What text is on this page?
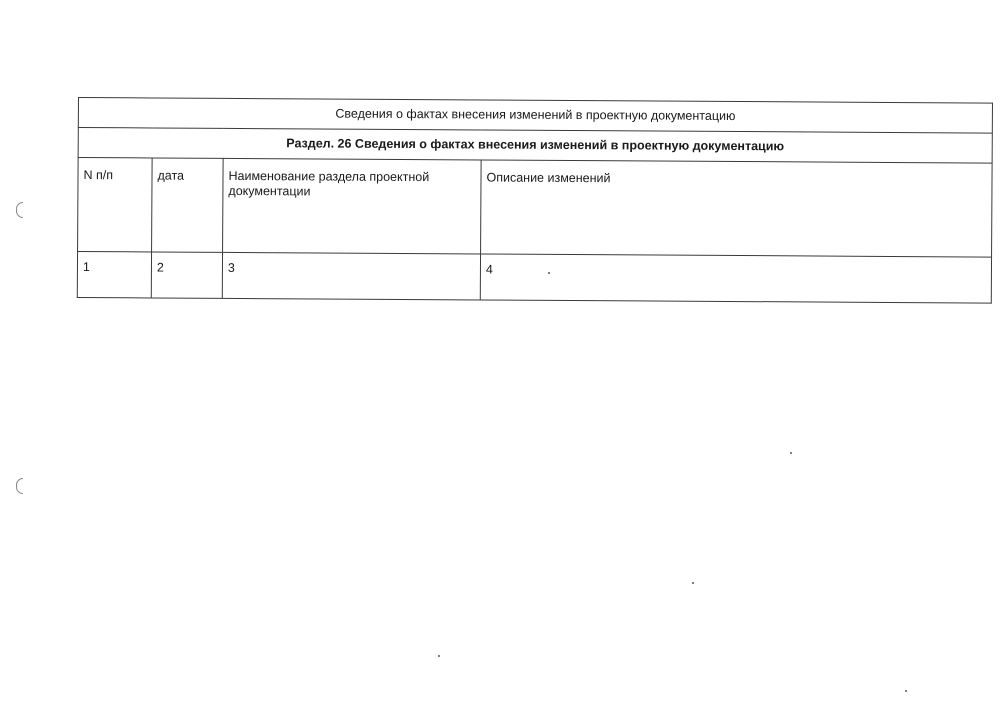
Сведения о фактах внесения изменений в проектную документацию			
Раздел. 26 Сведения о фактах внесения изменений в проектную документацию			
N п/п	дата	Наименование раздела проектной документации	Описание изменений
1	2	3	4
